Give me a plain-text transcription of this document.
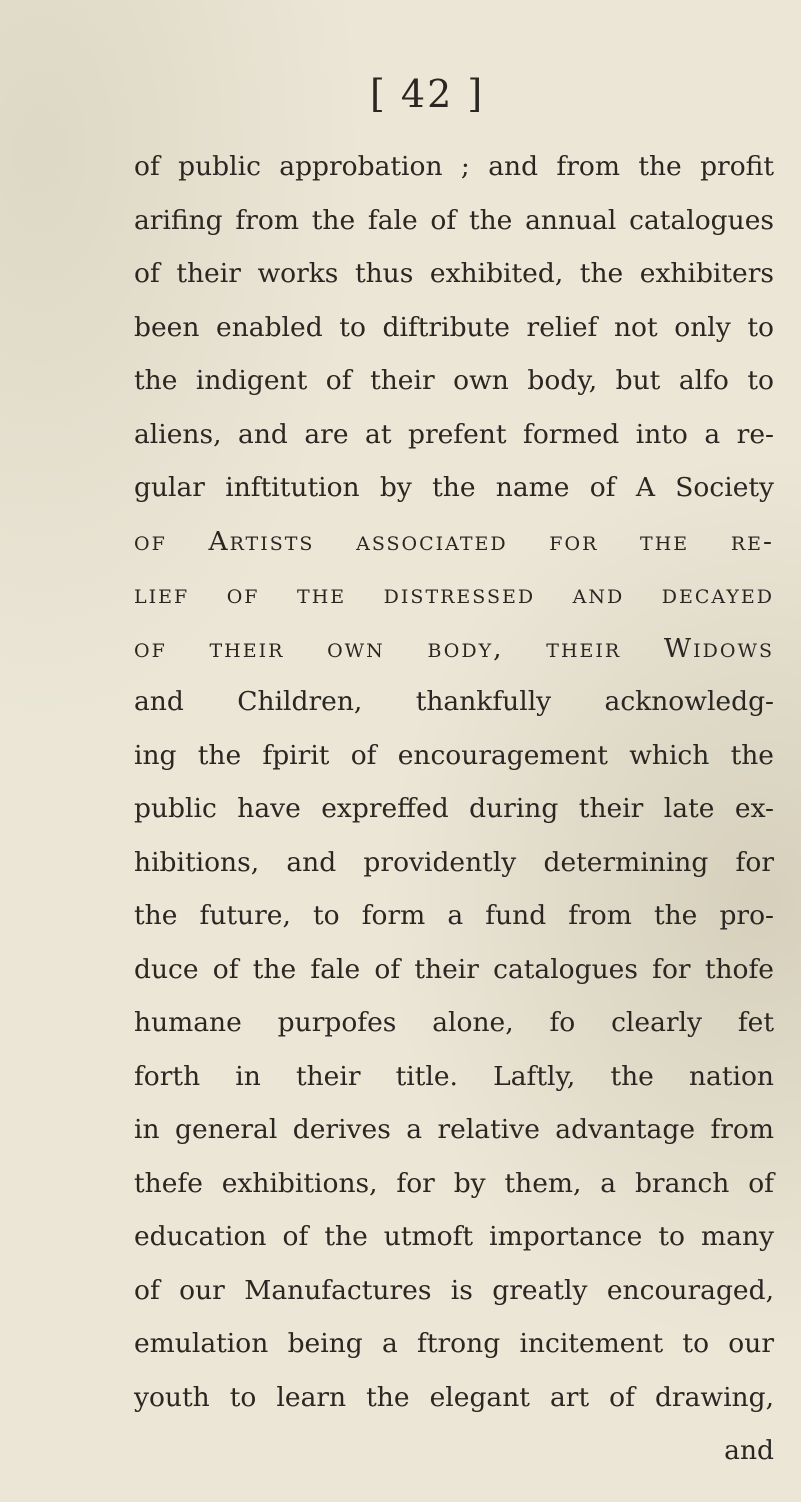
[ 42 ]
of public approbation ; and from the profit
arifing from the fale of the annual catalogues
of their works thus exhibited, the exhibiters
been enabled to diftribute relief not only to
the indigent of their own body, but alfo to
aliens, and are at prefent formed into a re-
gular inftitution by the name of A Society
of Artists associated for the re-
lief of the distressed and decayed
of their own body, their Widows
and Children, thankfully acknowledg-
ing the fpirit of encouragement which the
public have expreffed during their late ex-
hibitions, and providently determining for
the future, to form a fund from the pro-
duce of the fale of their catalogues for thofe
humane purpofes alone, fo clearly fet
forth in their title. Laftly, the nation
in general derives a relative advantage from
thefe exhibitions, for by them, a branch of
education of the utmoft importance to many
of our Manufactures is greatly encouraged,
emulation being a ftrong incitement to our
youth to learn the elegant art of drawing,
and
